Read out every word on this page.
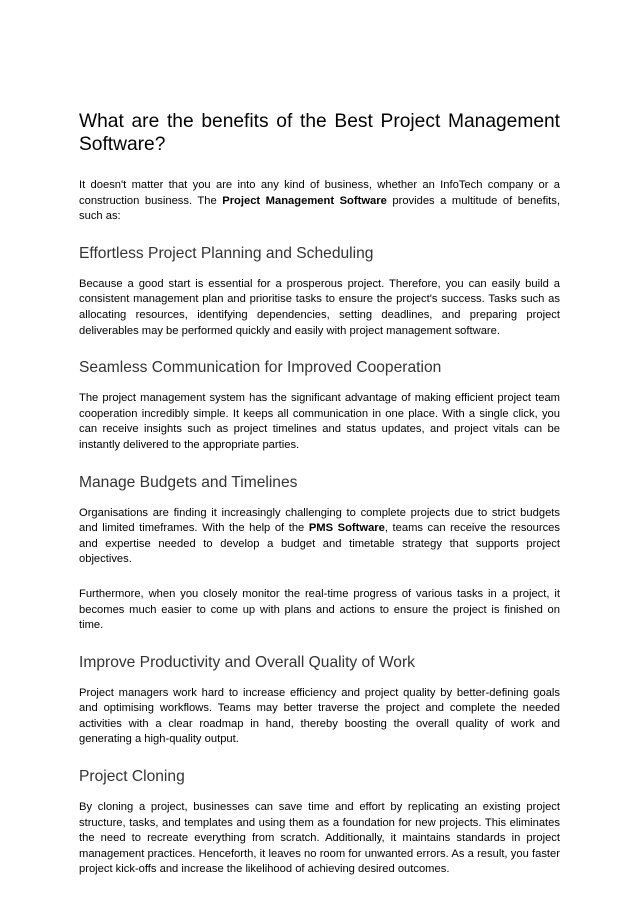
What are the benefits of the Best Project Management Software?

It doesn't matter that you are into any kind of business, whether an InfoTech company or a construction business. The Project Management Software provides a multitude of benefits, such as:

Effortless Project Planning and Scheduling

Because a good start is essential for a prosperous project. Therefore, you can easily build a consistent management plan and prioritise tasks to ensure the project's success. Tasks such as allocating resources, identifying dependencies, setting deadlines, and preparing project deliverables may be performed quickly and easily with project management software.

Seamless Communication for Improved Cooperation

The project management system has the significant advantage of making efficient project team cooperation incredibly simple. It keeps all communication in one place. With a single click, you can receive insights such as project timelines and status updates, and project vitals can be instantly delivered to the appropriate parties.

Manage Budgets and Timelines

Organisations are finding it increasingly challenging to complete projects due to strict budgets and limited timeframes. With the help of the PMS Software, teams can receive the resources and expertise needed to develop a budget and timetable strategy that supports project objectives.

Furthermore, when you closely monitor the real-time progress of various tasks in a project, it becomes much easier to come up with plans and actions to ensure the project is finished on time.

Improve Productivity and Overall Quality of Work

Project managers work hard to increase efficiency and project quality by better-defining goals and optimising workflows. Teams may better traverse the project and complete the needed activities with a clear roadmap in hand, thereby boosting the overall quality of work and generating a high-quality output.

Project Cloning

By cloning a project, businesses can save time and effort by replicating an existing project structure, tasks, and templates and using them as a foundation for new projects. This eliminates the need to recreate everything from scratch. Additionally, it maintains standards in project management practices. Henceforth, it leaves no room for unwanted errors. As a result, you faster project kick-offs and increase the likelihood of achieving desired outcomes.
